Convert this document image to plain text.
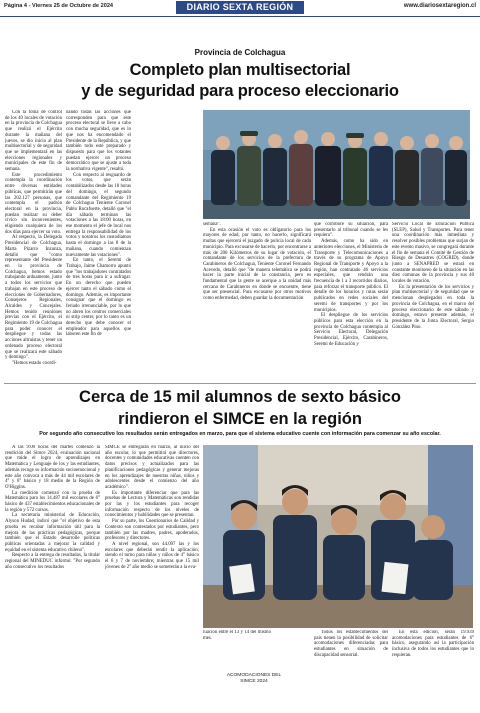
Página 4 - Viernes 25 de Octubre de 2024	DIARIO SEXTA REGIÓN	www.diariosextaregion.cl
Provincia de Colchagua
Completo plan multisectorial
y de seguridad para proceso eleccionario

Con la toma de control de los 40 locales de votación en la provincia de Colchagua que realizó el Ejército durante la mañana del jueves, se dio inicio al plan multisectorial y de seguridad que se implementará en las elecciones regionales y municipales de este fin de semana.

Este procedimiento contempla la coordinación entre diversas entidades públicas, que permitirán que las 202.127 personas, que contempla el padrón electoral en la provincia, puedan realizar su deber cívico sin inconvenientes, eligiendo cualquiera de los dos días para ejercer su voto.

Al respecto, la Delegada Presidencial de Colchagua, Marta Pizarro Inzunza, detalló que "como representante del Presidente en la provincia de Colchagua, hemos estado trabajando arduamente, junto a todos los servicios que trabajan en este proceso de elecciones de Gobernadores, Consejeros Regionales, Alcaldes y Concejales. Hemos tenido reuniones previas con el Ejército, el Regimiento 19 de Colchagua para poder conocer el despliegue y todas las acciones altruistas y tener un ordenado proceso electoral que se realizará este sábado y domingo".

"Hemos estado coordi-

nando todas las acciones que corresponden para que este proceso electoral se lleve a cabo con mucha seguridad, que es lo que nos ha encomendado el Presidente de la República, y que también todo esté preparado y dispuesto para que los votantes puedan ejercer un proceso democrático que se ajuste a toda la normativa vigente", resaltó.

Con respecto al resguardo de los votos, que serán contabilizados desde las 18 horas del domingo, el segundo comandante del Regimiento 19 de Colchagua Teniente Coronel Pablo Rocafuerte, detalló que "el día sábado terminan las votaciones a las 18:00 horas, en ese momento el jefe de local nos entrega la responsabilidad de los votos y nosotros los custodiamos hasta el domingo a las 8 de la mañana, cuando comienzan nuevamente las votaciones".

En tanto, el Seremi de Trabajo, Jaime Chamorro apuntó que "los trabajadores contratados de tres horas para ir a sufragar. En un derecho que pueden ejercer tanto el sábado como el domingo. Además, es importante consignar que el domingo es feriado irrenunciable, por lo que no abren los centros comerciales ni strip center, por lo tanto es un derecho que debe conocer el empleador para aquellos que laboren este fin de

semana".

En esta ocasión el voto es obligatorio para los mayores de edad, por tanto, no hacerlo, significará multas que ejercerá el juzgado de policía local de cada municipio. Para excusarse de hacerlo, por encontrarse a más de 200 Kilómetros de su lugar de votación, el comandante de los servicios de la prefectura de Carabineros de Colchagua, Teniente Coronel Fernando Acevedo, detalló que "de manera telemática se podrá hacer la parte inicial de la constancia, pero es fundamental que la gente se acerque a la unidad más cercana de Carabineros en donde se encuentre, tiene que ser presencial. Para excusarse por otros motivos como enfermedad, deben guardar la documentación

que corrobore su situación, para presentarlo al tribunal cuando se les requiera".

Además, como ha sido en anteriores elecciones, el Ministerio de Transporte y Telecomunicaciones a través de su programa de Apoyo Regional de Transporte y Apoyo a la región, han contratado 46 servicios especiales, que tendrán una frecuencia de 1 a 3 recorridos diarios, para reforzar el transporte público. El detalle de los horarios y rutas serán publicados en redes sociales del seremi de transportes y por los municipios.

El despliegue de los servicios públicos para esta elección en la provincia de Colchagua contempla al Servicio Electoral, Delegación Presidencial, Ejército, Carabineros, Seremi de Educación y

Servicio Local de Educación Pública (SLEP), Salud y Transportes. Para tener una coordinación más inmediata y resolver posibles problemas que surjan de este evento masivo, se congregará durante el fin de semana el Comité de Gestión de Riesgo de Desastres (COGRID), donde junto a SENAPRED se estará en constante monitoreo de la situación en las diez comunas de la provincia y sus 40 locales de votación.

En la presentación de los servicios y plan multisectorial y de seguridad que se mencionan desplegados en toda la provincia de Colchagua, en el marco del proceso eleccionario de este sábado y domingo, estuvo presente además, el presidente de la Junta Electoral, Sergio González Pino.

Cerca de 15 mil alumnos de sexto básico
rindieron el SIMCE en la región
Por segundo año consecutivo los resultados serán entregados en marzo, para que el sistema educativo cuente con información para comenzar su año escolar.

A las 9:00 horas del martes comenzó la rendición del Simce 2024, evaluación nacional que mide el logro de aprendizajes en Matemática y Lenguaje de los y las estudiantes, además recoge su información socioemocional y este año convoca a más de 44 mil escolares de 4° y 6° básico y 18 medio de la Región de O'Higgins.

La medición comenzó con la prueba de Matemática para los 14.487 mil escolares de 6° básico de 437 establecimientos educacionales de la región y 572 cursos.

La secretaria ministerial de Educación, Alyson Hudad, indicó que "el objetivo de esta prueba es recabar información útil para la mejora de las prácticas pedagógicas, porque también que el Estado desarrolle políticas públicas orientadas a mejorar la calidad y equidad en el sistema educativo chileno".

Respecto a la entrega de resultados, la titular regional del MINEDUC informó: "Por segundo año consecutivo los resultados

SIMCE se entregarán en marzo, al inicio del año escolar, lo que permitirá que directores, docentes y comunidades educativas cuenten con datos precisos y actualizados para las planificaciones pedagógicas y generar mejoras en los aprendizajes de nuestras niñas, niños y adolescentes desde el comienzo del año académico".

Es importante diferenciar que para las pruebas de Lectura y Matemáticas son rendidas por las y los estudiantes para recoger información respecto de los niveles de conocimientos y habilidades que se presentan.

Por su parte, los Cuestionarios de Calidad y Contexto son contestados por estudiantes, pero también por las madres, padres, apoderados, profesores y directores.

A nivel regional, son 44.097 las y los escolares que deberán rendir la aplicación; siendo el turno para niñas y niños de 4° básico el 6 y 7 de noviembre; mientras que 15 mil jóvenes de 2° año medio se someterán a la eva-

luación entre el 13 y 14 del mismo mes.

ACOMODACIONES DEL SIMCE 2024

Todos los establecimientos del país tienen la posibilidad de solicitar acomodaciones diferenciadas para estudiantes en situación de discapacidad sensorial.

En esta edición, serán 19.939 acomodaciones para estudiantes de 6° básico, asegurando así la participación inclusiva de todos los estudiantes que lo requieran.
